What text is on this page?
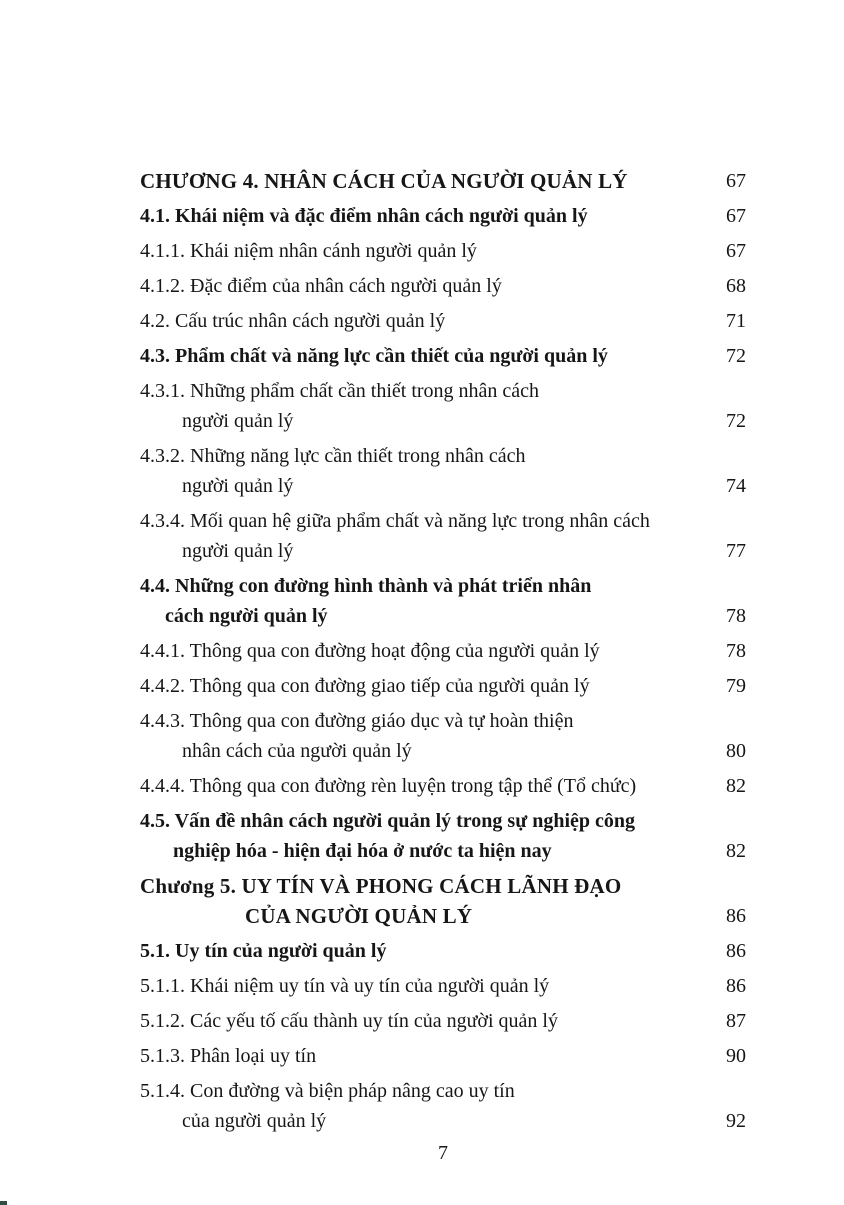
CHƯƠNG 4. NHÂN CÁCH CỦA NGƯỜI QUẢN LÝ	67
4.1. Khái niệm và đặc điểm nhân cách người quản lý	67
4.1.1. Khái niệm nhân cánh người quản lý	67
4.1.2. Đặc điểm của nhân cách người quản lý	68
4.2. Cấu trúc nhân cách người quản lý	71
4.3. Phẩm chất và năng lực cần thiết của người quản lý	72
4.3.1. Những phẩm chất cần thiết trong nhân cách
người quản lý	72
4.3.2. Những năng lực cần thiết trong nhân cách
người quản lý	74
4.3.4. Mối quan hệ giữa phẩm chất và năng lực trong nhân cách
người quản lý	77
4.4. Những con đường hình thành và phát triển nhân
cách người quản lý	78
4.4.1. Thông qua con đường hoạt động của người quản lý	78
4.4.2. Thông qua con đường giao tiếp của người quản lý	79
4.4.3. Thông qua con đường giáo dục và tự hoàn thiện
nhân cách của người quản lý	80
4.4.4. Thông qua con đường rèn luyện trong tập thể (Tổ chức)	82
4.5. Vấn đề nhân cách người quản lý trong sự nghiệp công
nghiệp hóa - hiện đại hóa ở nước ta hiện nay	82
Chương 5. UY TÍN VÀ PHONG CÁCH LÃNH ĐẠO
CỦA NGƯỜI QUẢN LÝ	86
5.1. Uy tín của người quản lý	86
5.1.1. Khái niệm uy tín và uy tín của người quản lý	86
5.1.2. Các yếu tố cấu thành uy tín của người quản lý	87
5.1.3. Phân loại uy tín	90
5.1.4. Con đường và biện pháp nâng cao uy tín
của người quản lý	92
7
